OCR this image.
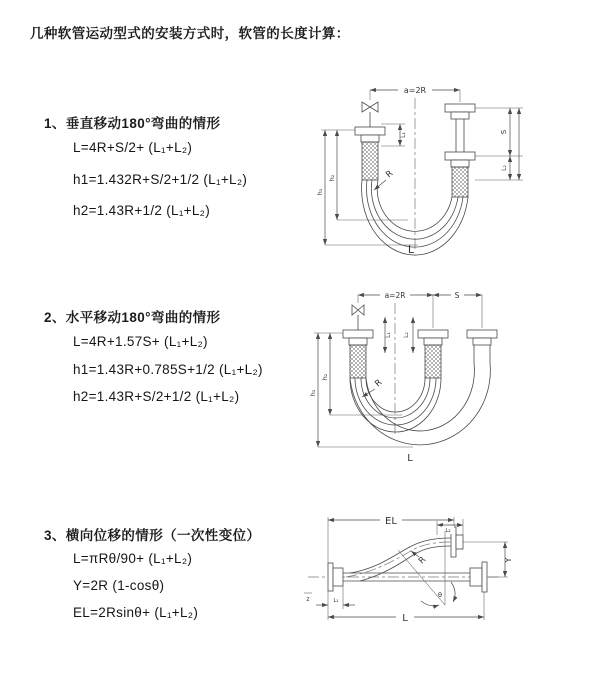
几种软管运动型式的安装方式时，软管的长度计算：
1、垂直移动180°弯曲的情形
L=4R+S/2+ (L₁+L₂)
h1=1.432R+S/2+1/2 (L₁+L₂)
h2=1.43R+1/2 (L₁+L₂)
2、水平移动180°弯曲的情形
L=4R+1.57S+ (L₁+L₂)
h1=1.43R+0.785S+1/2 (L₁+L₂)
h2=1.43R+S/2+1/2 (L₁+L₂)
3、横向位移的情形（一次性变位）
L=πRθ/90+ (L₁+L₂)
Y=2R (1-cosθ)
EL=2Rsinθ+ (L₁+L₂)
a=2R
h₁
h₂
L₁
S
L₂
R
L
a=2R	S
L₁ L₂
h₁
h₂
R
L
EL
L₂
Y
θ
R
L₁
L
z
